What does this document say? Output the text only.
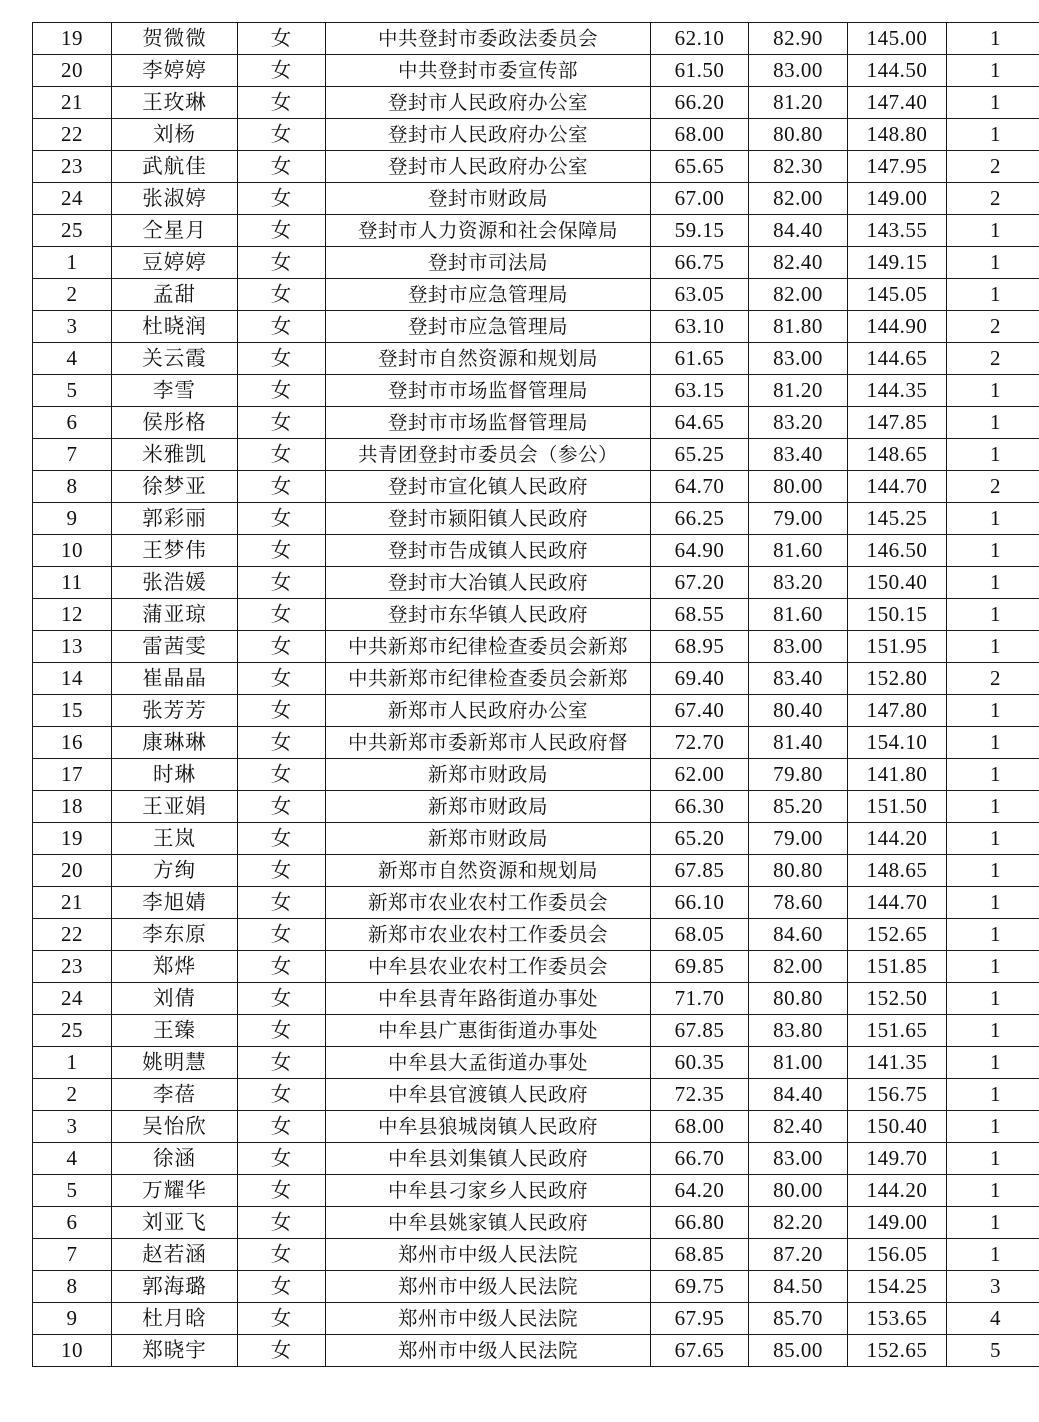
19	贺微微	女	中共登封市委政法委员会	62.10	82.90	145.00	1
20	李婷婷	女	中共登封市委宣传部	61.50	83.00	144.50	1
21	王玫琳	女	登封市人民政府办公室	66.20	81.20	147.40	1
22	刘杨	女	登封市人民政府办公室	68.00	80.80	148.80	1
23	武航佳	女	登封市人民政府办公室	65.65	82.30	147.95	2
24	张淑婷	女	登封市财政局	67.00	82.00	149.00	2
25	仝星月	女	登封市人力资源和社会保障局	59.15	84.40	143.55	1
1	豆婷婷	女	登封市司法局	66.75	82.40	149.15	1
2	孟甜	女	登封市应急管理局	63.05	82.00	145.05	1
3	杜晓润	女	登封市应急管理局	63.10	81.80	144.90	2
4	关云霞	女	登封市自然资源和规划局	61.65	83.00	144.65	2
5	李雪	女	登封市市场监督管理局	63.15	81.20	144.35	1
6	侯彤格	女	登封市市场监督管理局	64.65	83.20	147.85	1
7	米雅凯	女	共青团登封市委员会（参公）	65.25	83.40	148.65	1
8	徐梦亚	女	登封市宣化镇人民政府	64.70	80.00	144.70	2
9	郭彩丽	女	登封市颍阳镇人民政府	66.25	79.00	145.25	1
10	王梦伟	女	登封市告成镇人民政府	64.90	81.60	146.50	1
11	张浩媛	女	登封市大冶镇人民政府	67.20	83.20	150.40	1
12	蒲亚琼	女	登封市东华镇人民政府	68.55	81.60	150.15	1
13	雷茜雯	女	中共新郑市纪律检查委员会新郑	68.95	83.00	151.95	1
14	崔晶晶	女	中共新郑市纪律检查委员会新郑	69.40	83.40	152.80	2
15	张芳芳	女	新郑市人民政府办公室	67.40	80.40	147.80	1
16	康琳琳	女	中共新郑市委新郑市人民政府督	72.70	81.40	154.10	1
17	时琳	女	新郑市财政局	62.00	79.80	141.80	1
18	王亚娟	女	新郑市财政局	66.30	85.20	151.50	1
19	王岚	女	新郑市财政局	65.20	79.00	144.20	1
20	方绚	女	新郑市自然资源和规划局	67.85	80.80	148.65	1
21	李旭婧	女	新郑市农业农村工作委员会	66.10	78.60	144.70	1
22	李东原	女	新郑市农业农村工作委员会	68.05	84.60	152.65	1
23	郑烨	女	中牟县农业农村工作委员会	69.85	82.00	151.85	1
24	刘倩	女	中牟县青年路街道办事处	71.70	80.80	152.50	1
25	王臻	女	中牟县广惠街街道办事处	67.85	83.80	151.65	1
1	姚明慧	女	中牟县大孟街道办事处	60.35	81.00	141.35	1
2	李蓓	女	中牟县官渡镇人民政府	72.35	84.40	156.75	1
3	吴怡欣	女	中牟县狼城岗镇人民政府	68.00	82.40	150.40	1
4	徐涵	女	中牟县刘集镇人民政府	66.70	83.00	149.70	1
5	万耀华	女	中牟县刁家乡人民政府	64.20	80.00	144.20	1
6	刘亚飞	女	中牟县姚家镇人民政府	66.80	82.20	149.00	1
7	赵若涵	女	郑州市中级人民法院	68.85	87.20	156.05	1
8	郭海璐	女	郑州市中级人民法院	69.75	84.50	154.25	3
9	杜月晗	女	郑州市中级人民法院	67.95	85.70	153.65	4
10	郑晓宇	女	郑州市中级人民法院	67.65	85.00	152.65	5
